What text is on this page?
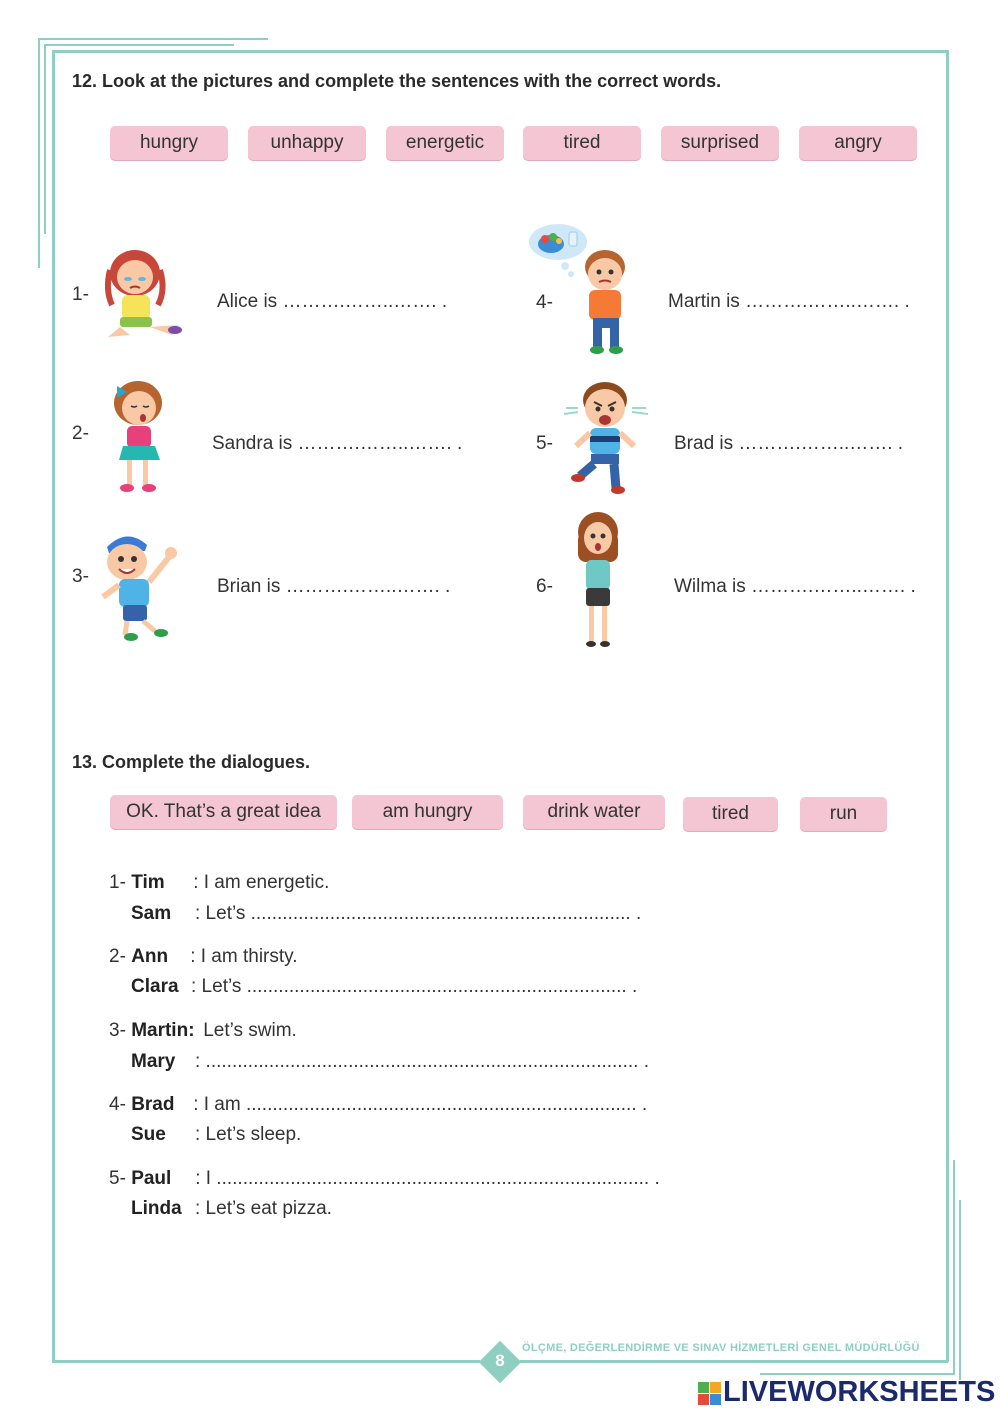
12. Look at the pictures and complete the sentences with the correct words.
hungry	unhappy	energetic	tired	surprised	angry
1-	Alice is ……….……..……. .
2-	Sandra is ……….……..……. .
3-	Brian is ……….……..……. .
4-	Martin is ……….……..……. .
5-	Brad is ……….……..……. .
6-	Wilma is ……….……..……. .
13. Complete the dialogues.
OK. That’s a great idea	am hungry	drink water	tired	run
1- Tim : I am energetic.
Sam : Let’s ........................................................................ .
2- Ann : I am thirsty.
Clara : Let’s ........................................................................ .
3- Martin: Let’s swim.
Mary : .................................................................................. .
4- Brad : I am .......................................................................... .
Sue : Let’s sleep.
5- Paul : I .................................................................................. .
Linda : Let’s eat pizza.
8
ÖLÇME, DEĞERLENDİRME VE SINAV HİZMETLERİ GENEL MÜDÜRLÜĞÜ
LIVEWORKSHEETS
